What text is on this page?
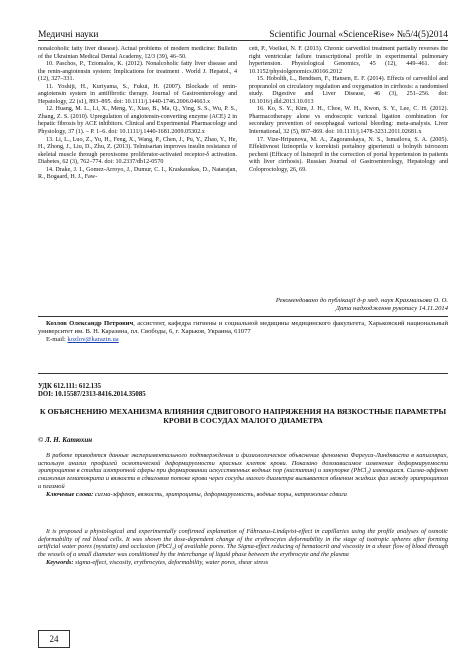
Медичні науки	Scientific Journal «ScienceRise» №5/4(5)2014

nonalcoholic fatty liver disease). Actual problems of modern medicine: Bulletin of the Ukrainian Medical Dental Academy, 12/3 (39), 46–50.

10. Paschos, P., Tziomalos, K. (2012). Nonalcoholic fatty liver disease and the renin-angiotensin system: Implications for treatment . World J. Hepatol., 4 (12), 327–331.

11. Yoshiji, H., Kuriyama, S., Fukui, H. (2007). Blockade of renin-angiotensin system in antifibrotic therapy. Journal of Gastroenterology and Hepatology, 22 (s1), 893–895. doi: 10.1111/j.1440-1746.2006.04663.x

12. Huang, M. L., Li, X., Meng, Y., Xiao, B., Ma, Q., Ying, S. S., Wu, P. S., Zhang, Z. S. (2010). Upregulation of angiotensin-converting enzyme (ACE) 2 in hepatic fibrosis by ACE inhibitors. Clinical and Experimental Pharmacology and Physiology, 37 (1). – P. 1–6. doi: 10.1111/j.1440-1681.2009.05302.x

13. Li, L., Luo, Z., Yu, H., Feng, X., Wang, P., Chen, J., Pu, Y., Zhao, Y., He, H., Zhong, J., Liu, D., Zhu, Z. (2013). Telmisartan improves insulin resistance of skeletal muscle through peroxisome proliferator-activated receptor-δ activation. Diabetes, 62 (3), 762–774. doi: 10.2337/db12-0570

14. Drake, J. I., Gomez-Arroyo, J., Dumur, C. I., Kraskauskas, D., Natarajan, R., Bogaard, H. J., Faw-

cett, P., Voelkel, N. F. (2013). Chronic carvedilol treatment partially reverses the right ventricular failure transcriptional profile in experimental pulmonary hypertension. Physiological Genomics, 45 (12), 449–461. doi: 10.1152/physiolgenomics.00166.2012

15. Hobolth, L., Bendtsen, F., Hansen, E. F. (2014). Effects of carvedilol and propranolol on circulatory regulation and oxygenation in cirrhosis: a randomised study. Digestive and Liver Disease, 46 (3), 251–256. doi: 10.1016/j.dld.2013.10.013

16. Ko, S. Y., Kim, J. H., Choe, W. H., Kwon, S. Y., Lee, C. H. (2012). Pharmacotherapy alone vs endoscopic variceal ligation combination for secondary prevention of oesophageal variceal bleeding: meta-analysis. Liver International, 32 (5), 867–869. doi: 10.1111/j.1478-3231.2011.02681.x

17. Vize-Hripunova, M. A., Zagoranskaya, N. S., Ismailova, S. A. (2005). Effektivnost lizinoprila v korrektsii portalnoy gipertenzii u bolnyih tsirrozom pecheni (Efficacy of lisinopril in the correction of portal hypertension in patients with liver cirrhosis). Russian Journal of Gastroenterology, Hepatology and Coloproctology, 26, 69.

Рекомендовано до публікації д-р мед. наук Крахмальова О. О.
Дата надходження рукопису 14.11.2014

Козлов Олександр Петрович, ассистент, кафедра гигиены и социальной медицины медицинского факультета, Харьковский национальный университет им. В. Н. Каразина, пл. Свободы, 6, г. Харьков, Украина, 61077

E-mail: kozlov@karazin.ua
УДК 612.111: 612.135
DOI: 10.15587/2313-8416.2014.35085
К ОБЪЯСНЕНИЮ МЕХАНИЗМА ВЛИЯНИЯ СДВИГОВОГО НАПРЯЖЕНИЯ НА ВЯЗКОСТНЫЕ ПАРАМЕТРЫ КРОВИ В СОСУДАХ МАЛОГО ДИАМЕТРА
© Л. Н. Катюхин

В работе приводятся данные экспериментального подтверждения и физиологическое объяснение феномена Фареуса-Линдквиста в капиллярах, используя анализ профилей осмотической деформируемости красных клеток крови. Показано дозозависимое изменение деформируемости эритроцитов в стадии изотропной сферы при формировании искусственных водных пор (нистатин) и закупорке (PbCl₂) имеющихся. Сигма-эффект снижения гематокрита и вязкости в сдвиговом потоке крови через сосуды малого диаметра вызывается обменом жидких фаз между эритроцитом и плазмой

Ключевые слова: сигма-эффект, вязкость, эритроциты, деформируемость, водные поры, напряжение сдвига

It is proposed a physiological and experimentally confirmed explanation of Fåhraeus-Lindqvist-effect in capillaries using the profile analyses of osmotic deformability of red blood cells. It was shown the dose-dependent change of the erythrocytes deformability in the stage of isotropic spheres after forming artificial water pores (nystatin) and occlusion (PbCl₂) of available pores. The Sigma-effect reducing of hematocrit and viscosity in a shear flow of blood through the vessels of a small diameter was conditioned by the interchange of liquid phase between the erythrocyte and the plasma

Keywords: sigma-effect, viscosity, erythrocytes, deformability, water pores, shear stress

24
